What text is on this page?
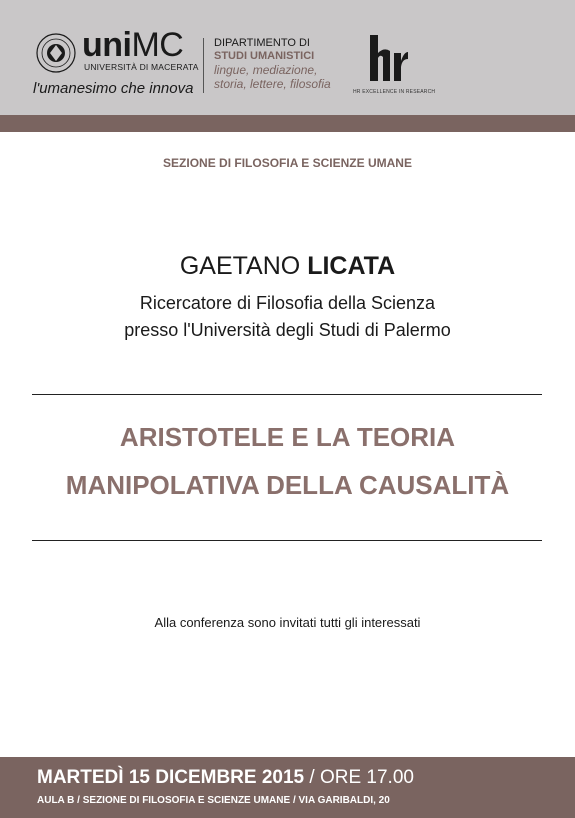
uniMC
UNIVERSITÀ DI MACERATA
l'umanesimo che innova
DIPARTIMENTO DI
STUDI UMANISTICI
lingue, mediazione,
storia, lettere, filosofia
HR EXCELLENCE IN RESEARCH
SEZIONE DI FILOSOFIA E SCIENZE UMANE
GAETANO LICATA
Ricercatore di Filosofia della Scienza
presso l'Università degli Studi di Palermo
ARISTOTELE E LA TEORIA
MANIPOLATIVA DELLA CAUSALITÀ
Alla conferenza sono invitati tutti gli interessati
MARTEDÌ 15 DICEMBRE 2015 / ORE 17.00
AULA B / SEZIONE DI FILOSOFIA E SCIENZE UMANE / VIA GARIBALDI, 20
